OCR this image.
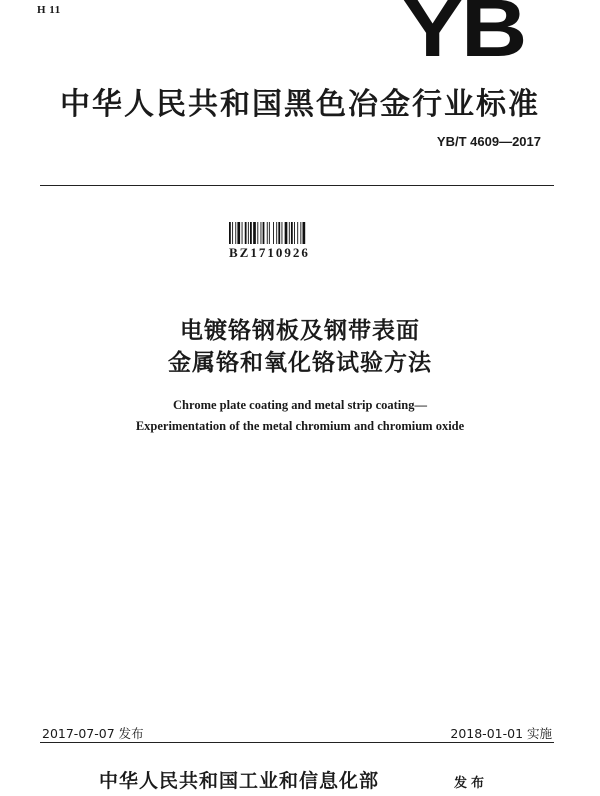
H 11	YB
中华人民共和国黑色冶金行业标准
YB/T 4609—2017
BZ1710926
电镀铬钢板及钢带表面
金属铬和氧化铬试验方法
Chrome plate coating and metal strip coating—
Experimentation of the metal chromium and chromium oxide
2017-07-07 发布	2018-01-01 实施
中华人民共和国工业和信息化部	发布
